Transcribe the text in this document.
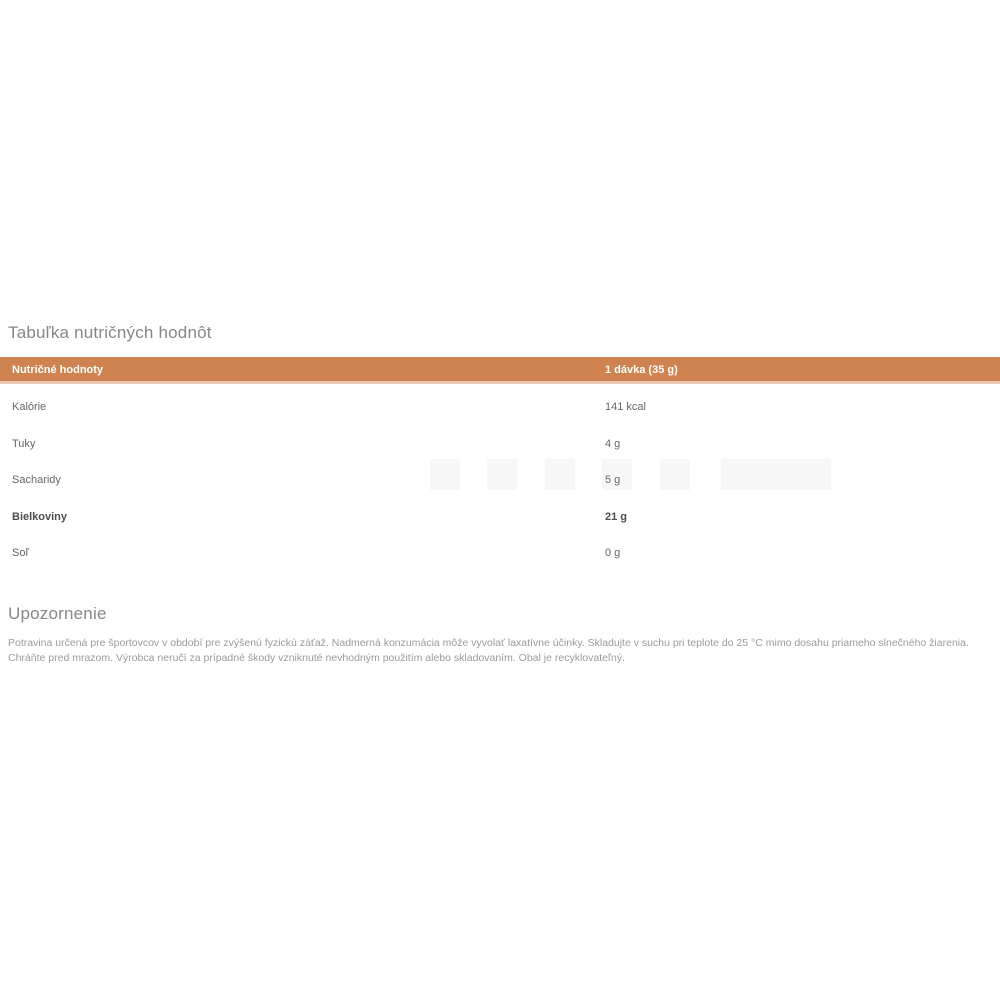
Tabuľka nutričných hodnôt
Nutričné hodnoty	1 dávka (35 g)
Kalórie	141 kcal
Tuky	4 g
Sacharidy	5 g
Bielkoviny	21 g
Soľ	0 g
Upozornenie

Potravina určená pre športovcov v období pre zvýšenú fyzickú záťaž. Nadmerná konzumácia môže vyvolať laxatívne účinky. Skladujte v suchu pri teplote do 25 °C mimo dosahu priameho slnečného žiarenia. Chráňte pred mrazom. Výrobca neručí za prípadné škody vzniknuté nevhodným použitím alebo skladovaním. Obal je recyklovateľný.
